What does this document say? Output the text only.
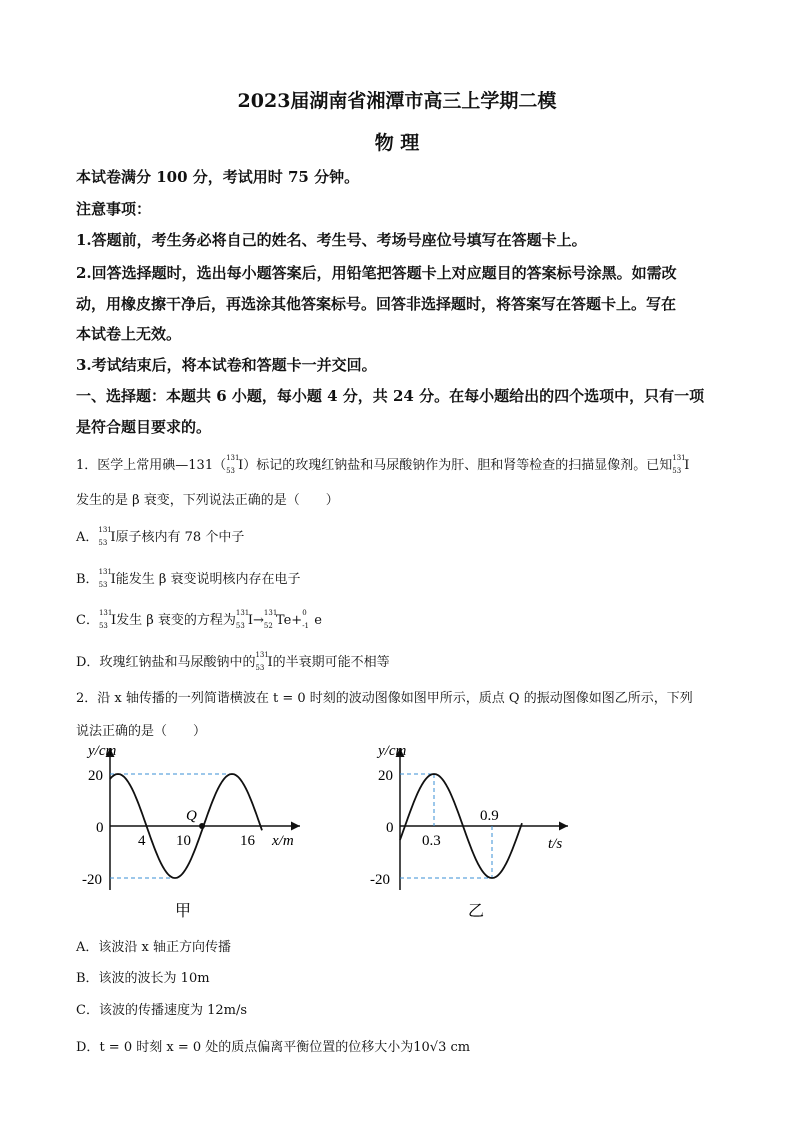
2023届湖南省湘潭市高三上学期二模
物 理
本试卷满分 100 分，考试用时 75 分钟。
注意事项：
1.答题前，考生务必将自己的姓名、考生号、考场号座位号填写在答题卡上。
2.回答选择题时，选出每小题答案后，用铅笔把答题卡上对应题目的答案标号涂黑。如需改
动，用橡皮擦干净后，再选涂其他答案标号。回答非选择题时，将答案写在答题卡上。写在
本试卷上无效。
3.考试结束后，将本试卷和答题卡一并交回。
一、选择题：本题共 6 小题，每小题 4 分，共 24 分。在每小题给出的四个选项中，只有一项
是符合题目要求的。
1．医学上常用碘—131（ 131
53 I）标记的玫瑰红钠盐和马尿酸钠作为肝、胆和肾等检查的扫描显像剂。已知 131
53 I
发生的是 β 衰变，下列说法正确的是（　　）
A． 131
53 I原子核内有 78 个中子
B． 131
53 I能发生 β 衰变说明核内存在电子
C． 131
53 I发生 β 衰变的方程为 131
53 I→ 131
52 Te+ 0
-1 e
D．玫瑰红钠盐和马尿酸钠中的 131
53 I的半衰期可能不相等
2．沿 x 轴传播的一列简谐横波在 t = 0 时刻的波动图像如图甲所示，质点 Q 的振动图像如图乙所示，下列
说法正确的是（　　）
y/cm
20
0
-20
4 10	16 x/m
Q
甲
y/cm
20
0
-20
0.3
0.9
t/s
乙
A．该波沿 x 轴正方向传播
B．该波的波长为 10m
C．该波的传播速度为 12m/s
D．t = 0 时刻 x = 0 处的质点偏离平衡位置的位移大小为10√3 cm
